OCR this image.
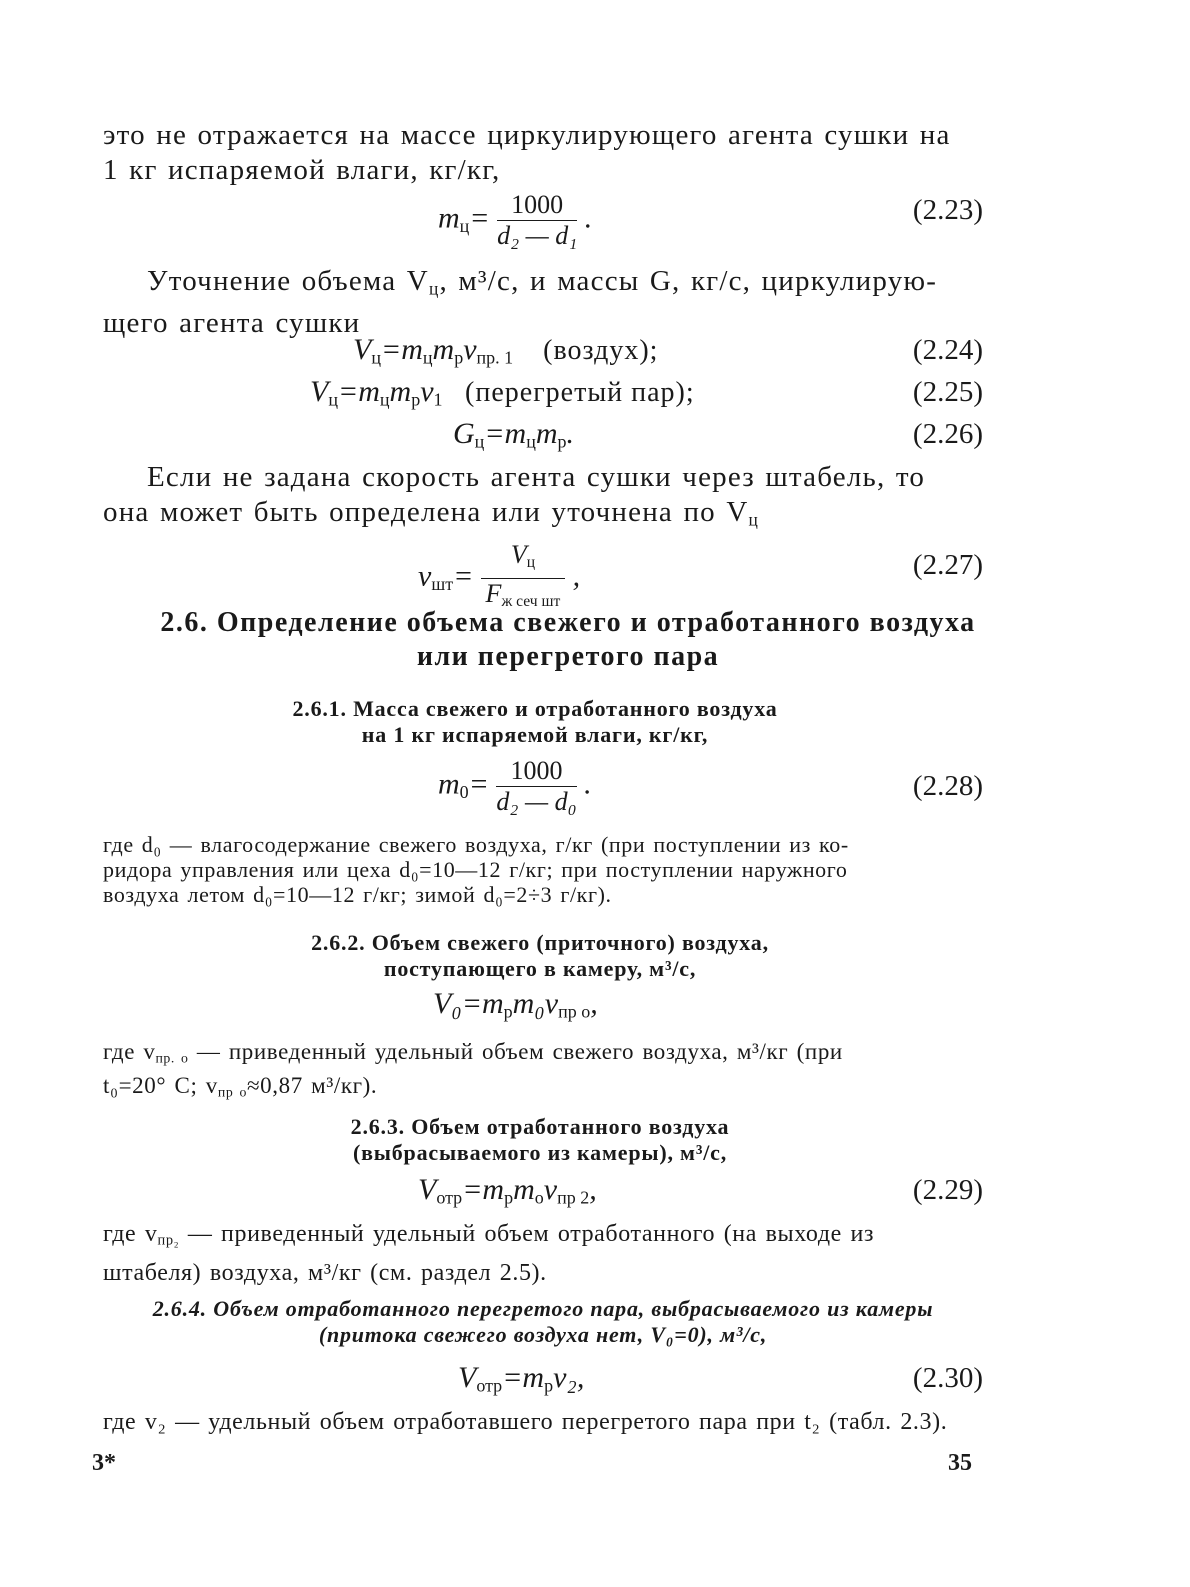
это не отражается на массе циркулирующего агента сушки на
1 кг испаряемой влаги, кг/кг,
$m_ц= \frac{1000}{\text{d₂ — d₁}}$ .	(2.23)
Уточнение объема $V_ц$, м³/с, и массы G, кг/с, циркулирую-
щего агента сушки
$V_ц=m_цm_рv_{пр. 1}$ (воздух);	(2.24)
$V_ц=m_цm_рv_1$ (перегретый пар);	(2.25)
$G_ц=m_цm_р$.	(2.26)
Если не задана скорость агента сушки через штабель, то
она может быть определена или уточнена по $V_ц$
$v_{шт}= \frac{V_ц}{F_{ж сеч шт}}$ ,	(2.27)
2.6. Определение объема свежего и отработанного воздуха
или перегретого пара
2.6.1. Масса свежего и отработанного воздуха
на 1 кг испаряемой влаги, кг/кг,
$m_0= \frac{1000}{\text{d₂ — d₀}}$ .	(2.28)
где d₀ — влагосодержание свежего воздуха, г/кг (при поступлении из ко-
ридора управления или цеха d₀=10—12 г/кг; при поступлении наружного
воздуха летом d₀=10—12 г/кг; зимой d₀=2÷3 г/кг).
2.6.2. Объем свежего (приточного) воздуха,
поступающего в камеру, м³/с,
$V_0=m_рm_0v_{пр о}$,
где $v_{пр. о}$ — приведенный удельный объем свежего воздуха, м³/кг (при
t₀=20° С; $v_{пр о}\approx 0,87$ м³/кг).
2.6.3. Объем отработанного воздуха
(выбрасываемого из камеры), м³/с,
$V_{отр}=m_рm_оv_{пр 2}$,	(2.29)
где $v_{пр_2}$ — приведенный удельный объем отработанного (на выходе из
штабеля) воздуха, м³/кг (см. раздел 2.5).
2.6.4. Объем отработанного перегретого пара, выбрасываемого из камеры
(притока свежего воздуха нет, V₀=0), м³/с,
$V_{отр}=m_рv_2$,	(2.30)
где v₂ — удельный объем отработавшего перегретого пара при t₂ (табл. 2.3).
3*	35
